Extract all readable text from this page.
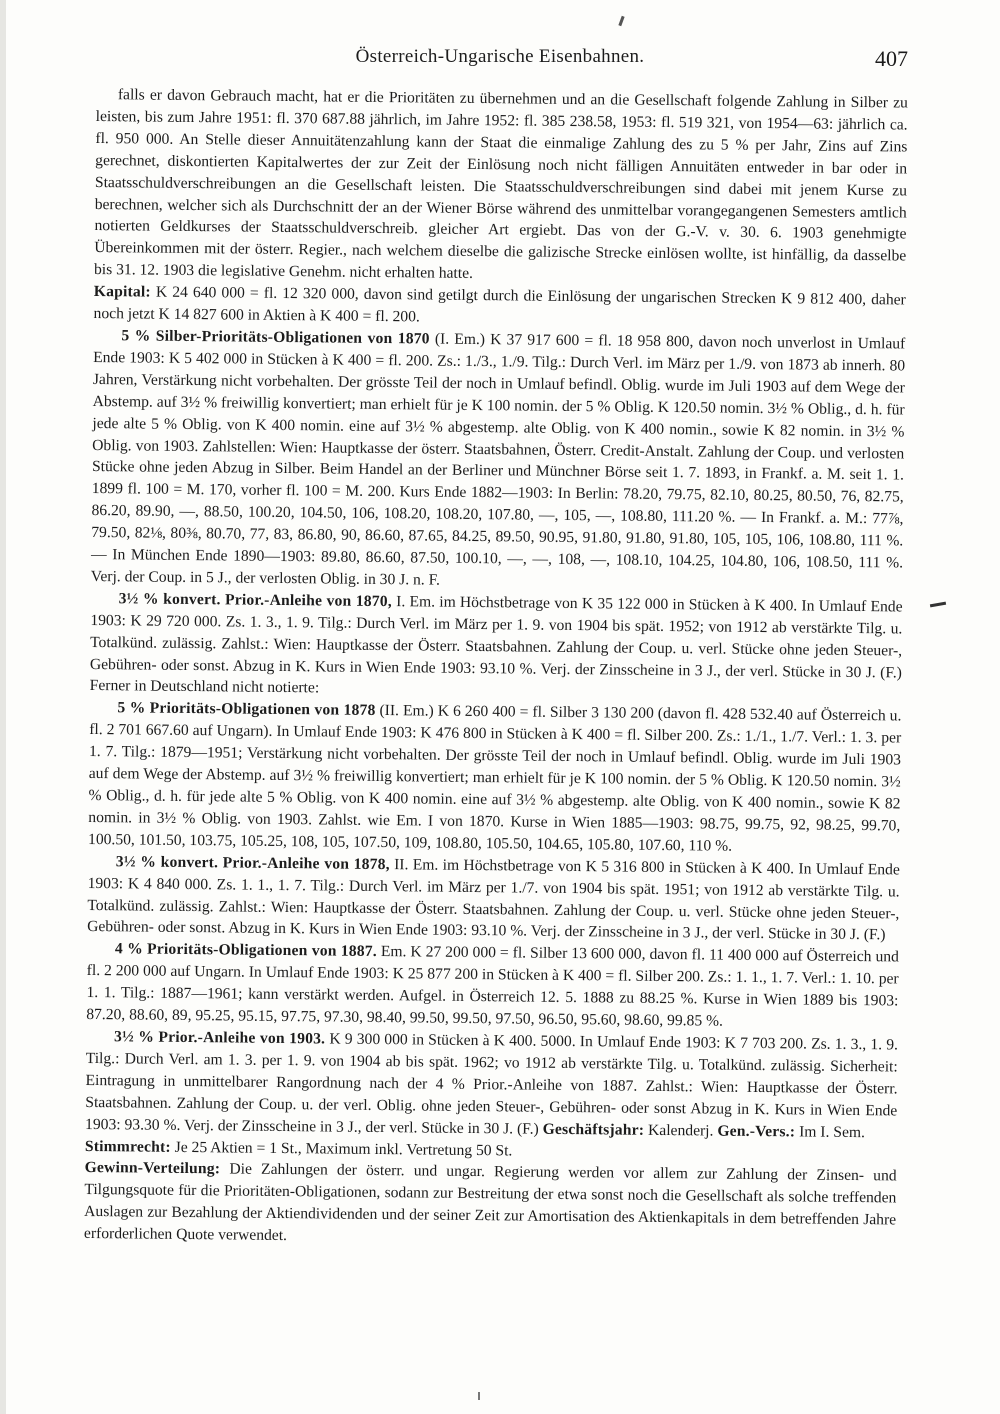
Österreich-Ungarische Eisenbahnen.	407

falls er davon Gebrauch macht, hat er die Prioritäten zu übernehmen und an die Gesellschaft folgende Zahlung in Silber zu leisten, bis zum Jahre 1951: fl. 370 687.88 jährlich, im Jahre 1952: fl. 385 238.58, 1953: fl. 519 321, von 1954—63: jährlich ca. fl. 950 000. An Stelle dieser Annuitätenzahlung kann der Staat die einmalige Zahlung des zu 5 % per Jahr, Zins auf Zins gerechnet, diskontierten Kapitalwertes der zur Zeit der Einlösung noch nicht fälligen Annuitäten entweder in bar oder in Staatsschuldverschreibungen an die Gesellschaft leisten. Die Staatsschuldverschreibungen sind dabei mit jenem Kurse zu berechnen, welcher sich als Durchschnitt der an der Wiener Börse während des unmittelbar vorangegangenen Semesters amtlich notierten Geldkurses der Staatsschuldverschreib. gleicher Art ergiebt. Das von der G.-V. v. 30. 6. 1903 genehmigte Übereinkommen mit der österr. Regier., nach welchem dieselbe die galizische Strecke einlösen wollte, ist hinfällig, da dasselbe bis 31. 12. 1903 die legislative Genehm. nicht erhalten hatte.

Kapital: K 24 640 000 = fl. 12 320 000, davon sind getilgt durch die Einlösung der ungarischen Strecken K 9 812 400, daher noch jetzt K 14 827 600 in Aktien à K 400 = fl. 200.

5 % Silber-Prioritäts-Obligationen von 1870 (I. Em.) K 37 917 600 = fl. 18 958 800, davon noch unverlost in Umlauf Ende 1903: K 5 402 000 in Stücken à K 400 = fl. 200. Zs.: 1./3., 1./9. Tilg.: Durch Verl. im März per 1./9. von 1873 ab innerh. 80 Jahren, Verstärkung nicht vorbehalten. Der grösste Teil der noch in Umlauf befindl. Oblig. wurde im Juli 1903 auf dem Wege der Abstemp. auf 3½ % freiwillig konvertiert; man erhielt für je K 100 nomin. der 5 % Oblig. K 120.50 nomin. 3½ % Oblig., d. h. für jede alte 5 % Oblig. von K 400 nomin. eine auf 3½ % abgestemp. alte Oblig. von K 400 nomin., sowie K 82 nomin. in 3½ % Oblig. von 1903. Zahlstellen: Wien: Hauptkasse der österr. Staatsbahnen, Österr. Credit-Anstalt. Zahlung der Coup. und verlosten Stücke ohne jeden Abzug in Silber. Beim Handel an der Berliner und Münchner Börse seit 1. 7. 1893, in Frankf. a. M. seit 1. 1. 1899 fl. 100 = M. 170, vorher fl. 100 = M. 200. Kurs Ende 1882—1903: In Berlin: 78.20, 79.75, 82.10, 80.25, 80.50, 76, 82.75, 86.20, 89.90, —, 88.50, 100.20, 104.50, 106, 108.20, 108.20, 107.80, —, 105, —, 108.80, 111.20 %. — In Frankf. a. M.: 77⅞, 79.50, 82⅛, 80⅜, 80.70, 77, 83, 86.80, 90, 86.60, 87.65, 84.25, 89.50, 90.95, 91.80, 91.80, 91.80, 105, 105, 106, 108.80, 111 %. — In München Ende 1890—1903: 89.80, 86.60, 87.50, 100.10, —, —, 108, —, 108.10, 104.25, 104.80, 106, 108.50, 111 %. Verj. der Coup. in 5 J., der verlosten Oblig. in 30 J. n. F.

3½ % konvert. Prior.-Anleihe von 1870, I. Em. im Höchstbetrage von K 35 122 000 in Stücken à K 400. In Umlauf Ende 1903: K 29 720 000. Zs. 1. 3., 1. 9. Tilg.: Durch Verl. im März per 1. 9. von 1904 bis spät. 1952; von 1912 ab verstärkte Tilg. u. Totalkünd. zulässig. Zahlst.: Wien: Hauptkasse der Österr. Staatsbahnen. Zahlung der Coup. u. verl. Stücke ohne jeden Steuer-, Gebühren- oder sonst. Abzug in K. Kurs in Wien Ende 1903: 93.10 %. Verj. der Zinsscheine in 3 J., der verl. Stücke in 30 J. (F.) Ferner in Deutschland nicht notierte:

5 % Prioritäts-Obligationen von 1878 (II. Em.) K 6 260 400 = fl. Silber 3 130 200 (davon fl. 428 532.40 auf Österreich u. fl. 2 701 667.60 auf Ungarn). In Umlauf Ende 1903: K 476 800 in Stücken à K 400 = fl. Silber 200. Zs.: 1./1., 1./7. Verl.: 1. 3. per 1. 7. Tilg.: 1879—1951; Verstärkung nicht vorbehalten. Der grösste Teil der noch in Umlauf befindl. Oblig. wurde im Juli 1903 auf dem Wege der Abstemp. auf 3½ % freiwillig konvertiert; man erhielt für je K 100 nomin. der 5 % Oblig. K 120.50 nomin. 3½ % Oblig., d. h. für jede alte 5 % Oblig. von K 400 nomin. eine auf 3½ % abgestemp. alte Oblig. von K 400 nomin., sowie K 82 nomin. in 3½ % Oblig. von 1903. Zahlst. wie Em. I von 1870. Kurse in Wien 1885—1903: 98.75, 99.75, 92, 98.25, 99.70, 100.50, 101.50, 103.75, 105.25, 108, 105, 107.50, 109, 108.80, 105.50, 104.65, 105.80, 107.60, 110 %.

3½ % konvert. Prior.-Anleihe von 1878, II. Em. im Höchstbetrage von K 5 316 800 in Stücken à K 400. In Umlauf Ende 1903: K 4 840 000. Zs. 1. 1., 1. 7. Tilg.: Durch Verl. im März per 1./7. von 1904 bis spät. 1951; von 1912 ab verstärkte Tilg. u. Totalkünd. zulässig. Zahlst.: Wien: Hauptkasse der Österr. Staatsbahnen. Zahlung der Coup. u. verl. Stücke ohne jeden Steuer-, Gebühren- oder sonst. Abzug in K. Kurs in Wien Ende 1903: 93.10 %. Verj. der Zinsscheine in 3 J., der verl. Stücke in 30 J. (F.)

4 % Prioritäts-Obligationen von 1887. Em. K 27 200 000 = fl. Silber 13 600 000, davon fl. 11 400 000 auf Österreich und fl. 2 200 000 auf Ungarn. In Umlauf Ende 1903: K 25 877 200 in Stücken à K 400 = fl. Silber 200. Zs.: 1. 1., 1. 7. Verl.: 1. 10. per 1. 1. Tilg.: 1887—1961; kann verstärkt werden. Aufgel. in Österreich 12. 5. 1888 zu 88.25 %. Kurse in Wien 1889 bis 1903: 87.20, 88.60, 89, 95.25, 95.15, 97.75, 97.30, 98.40, 99.50, 99.50, 97.50, 96.50, 95.60, 98.60, 99.85 %.

3½ % Prior.-Anleihe von 1903. K 9 300 000 in Stücken à K 400. 5000. In Umlauf Ende 1903: K 7 703 200. Zs. 1. 3., 1. 9. Tilg.: Durch Verl. am 1. 3. per 1. 9. von 1904 ab bis spät. 1962; vo 1912 ab verstärkte Tilg. u. Totalkünd. zulässig. Sicherheit: Eintragung in unmittelbarer Rangordnung nach der 4 % Prior.-Anleihe von 1887. Zahlst.: Wien: Hauptkasse der Österr. Staatsbahnen. Zahlung der Coup. u. der verl. Oblig. ohne jeden Steuer-, Gebühren- oder sonst Abzug in K. Kurs in Wien Ende 1903: 93.30 %. Verj. der Zinsscheine in 3 J., der verl. Stücke in 30 J. (F.) Geschäftsjahr: Kalenderj. Gen.-Vers.: Im I. Sem.

Stimmrecht: Je 25 Aktien = 1 St., Maximum inkl. Vertretung 50 St.

Gewinn-Verteilung: Die Zahlungen der österr. und ungar. Regierung werden vor allem zur Zahlung der Zinsen- und Tilgungsquote für die Prioritäten-Obligationen, sodann zur Bestreitung der etwa sonst noch die Gesellschaft als solche treffenden Auslagen zur Bezahlung der Aktiendividenden und der seiner Zeit zur Amortisation des Aktienkapitals in dem betreffenden Jahre erforderlichen Quote verwendet.
